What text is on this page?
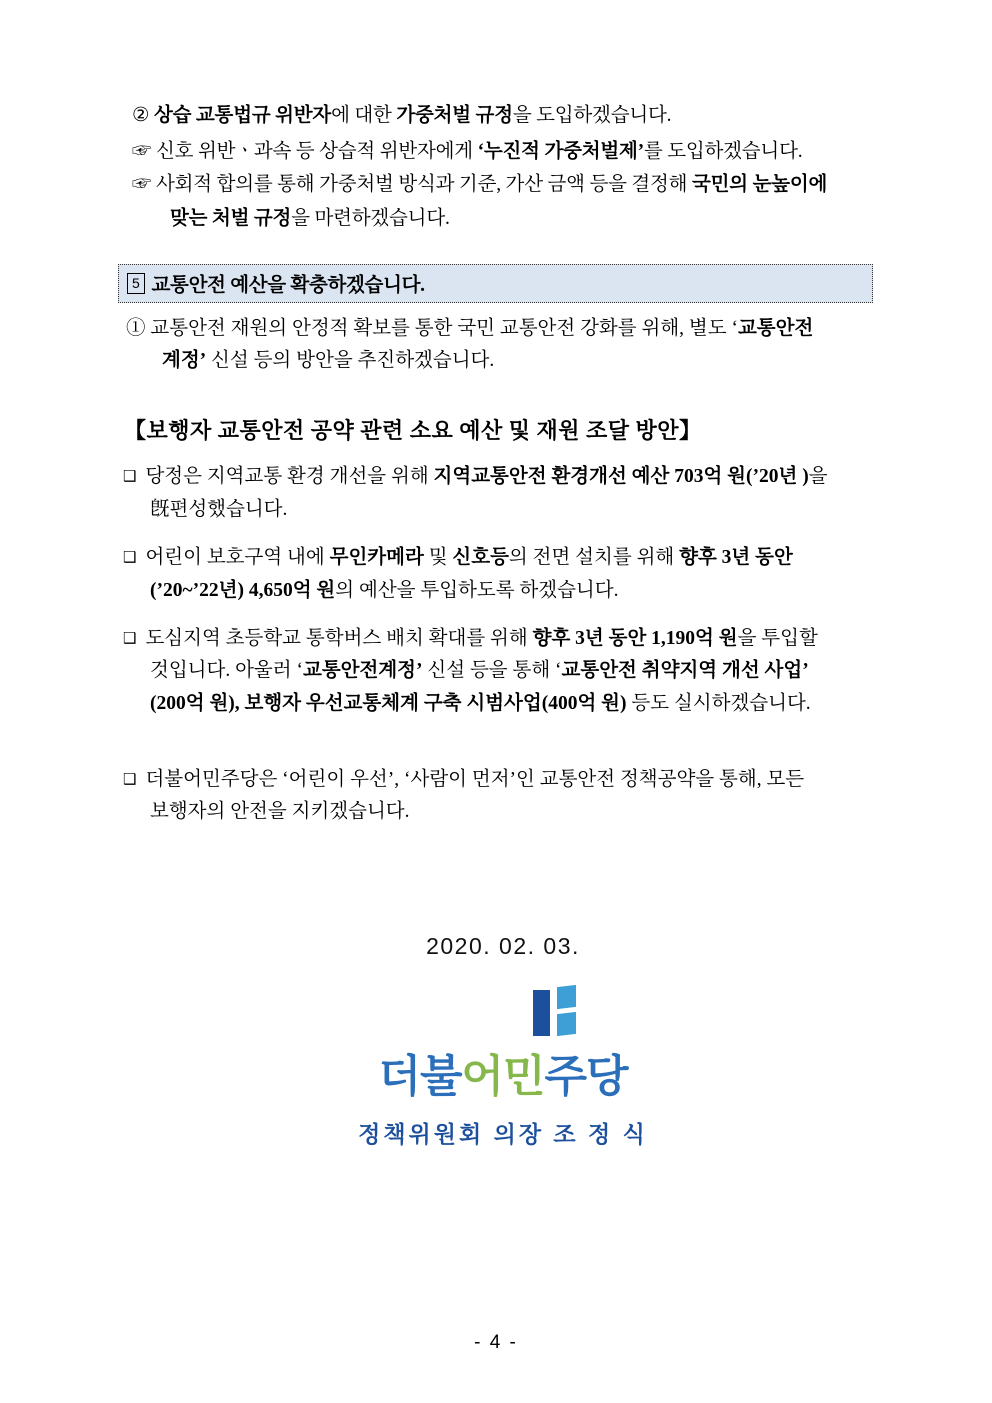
② 상습 교통법규 위반자에 대한 가중처벌 규정을 도입하겠습니다.
☞ 신호 위반ㆍ과속 등 상습적 위반자에게 ‘누진적 가중처벌제’를 도입하겠습니다.
☞ 사회적 합의를 통해 가중처벌 방식과 기준, 가산 금액 등을 결정해 국민의 눈높이에
맞는 처벌 규정을 마련하겠습니다.
5 교통안전 예산을 확충하겠습니다.
① 교통안전 재원의 안정적 확보를 통한 국민 교통안전 강화를 위해, 별도 ‘교통안전
계정’ 신설 등의 방안을 추진하겠습니다.
【보행자 교통안전 공약 관련 소요 예산 및 재원 조달 방안】
❑ 당정은 지역교통 환경 개선을 위해 지역교통안전 환경개선 예산 703억 원(’20년 )을
旣편성했습니다.
❑ 어린이 보호구역 내에 무인카메라 및 신호등의 전면 설치를 위해 향후 3년 동안
(’20~’22년) 4,650억 원의 예산을 투입하도록 하겠습니다.
❑ 도심지역 초등학교 통학버스 배치 확대를 위해 향후 3년 동안 1,190억 원을 투입할
것입니다. 아울러 ‘교통안전계정’ 신설 등을 통해 ‘교통안전 취약지역 개선 사업’
(200억 원), 보행자 우선교통체계 구축 시범사업(400억 원) 등도 실시하겠습니다.
❑ 더불어민주당은 ‘어린이 우선’, ‘사람이 먼저’인 교통안전 정책공약을 통해, 모든
보행자의 안전을 지키겠습니다.
2020. 02. 03.
더불 어민 주당
정책위원회 의장 조 정 식
- 4 -
